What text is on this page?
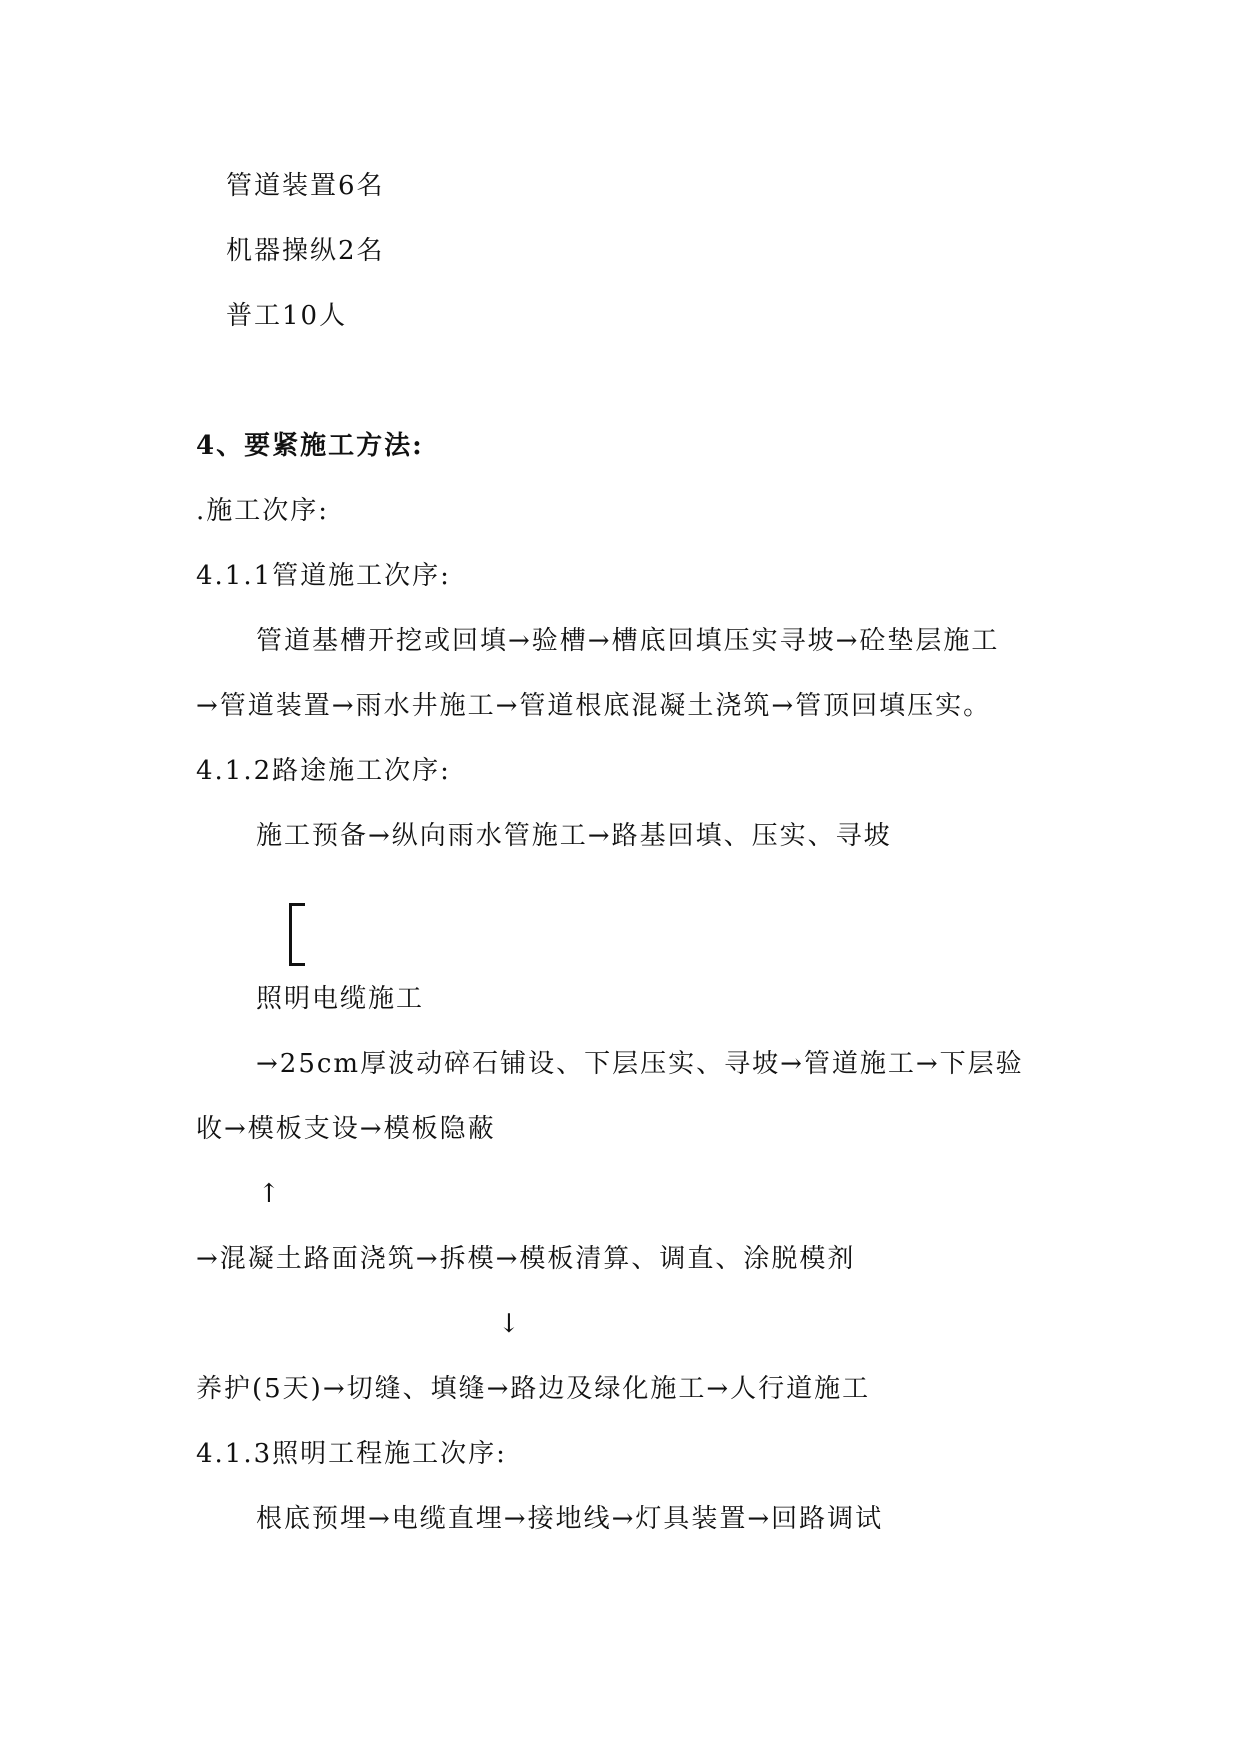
管道装置6名
机器操纵2名
普工10人
4、要紧施工方法:
.施工次序:
4.1.1管道施工次序:
管道基槽开挖或回填→验槽→槽底回填压实寻坡→砼垫层施工
→管道装置→雨水井施工→管道根底混凝土浇筑→管顶回填压实。
4.1.2路途施工次序:
施工预备→纵向雨水管施工→路基回填、压实、寻坡
照明电缆施工
→25cm厚波动碎石铺设、下层压实、寻坡→管道施工→下层验
收→模板支设→模板隐蔽
↑
→混凝土路面浇筑→拆模→模板清算、调直、涂脱模剂
↓
养护(5天)→切缝、填缝→路边及绿化施工→人行道施工
4.1.3照明工程施工次序:
根底预埋→电缆直埋→接地线→灯具装置→回路调试
